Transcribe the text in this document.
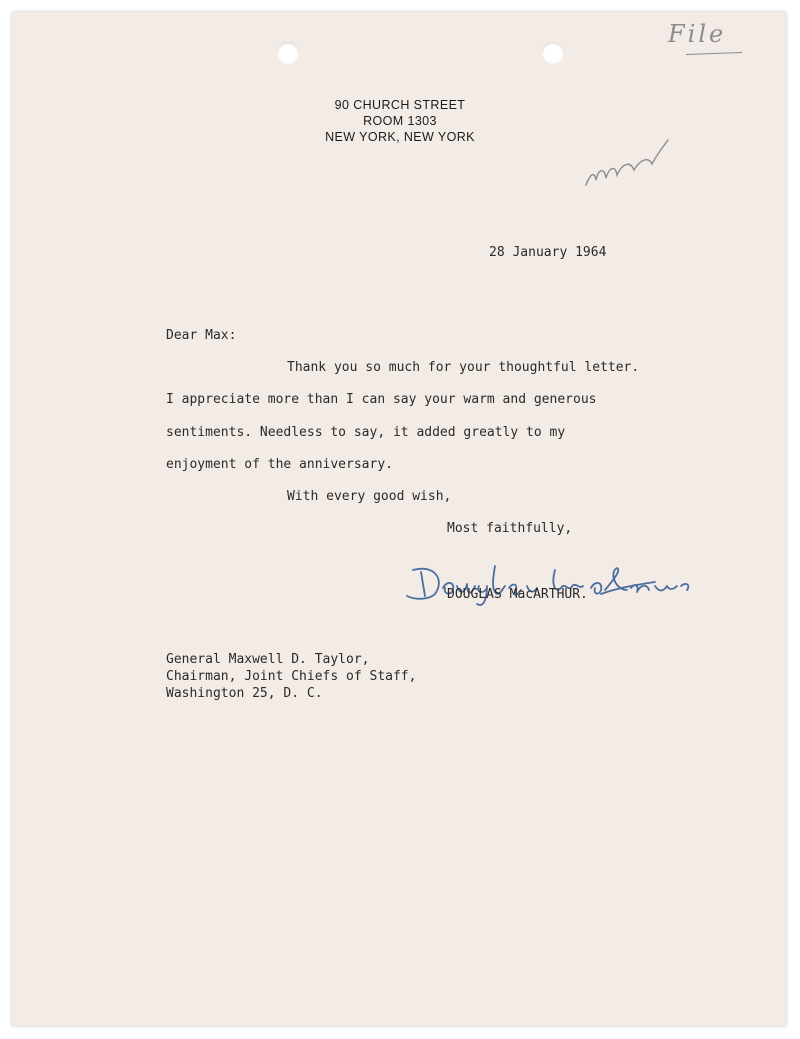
File
90 CHURCH STREET
ROOM 1303
NEW YORK, NEW YORK
28 January 1964
Dear Max:
Thank you so much for your thoughtful letter.
I appreciate more than I can say your warm and generous
sentiments. Needless to say, it added greatly to my
enjoyment of the anniversary.
With every good wish,
Most faithfully,
DOUGLAS MacARTHUR.
General Maxwell D. Taylor,
Chairman, Joint Chiefs of Staff,
Washington 25, D. C.
